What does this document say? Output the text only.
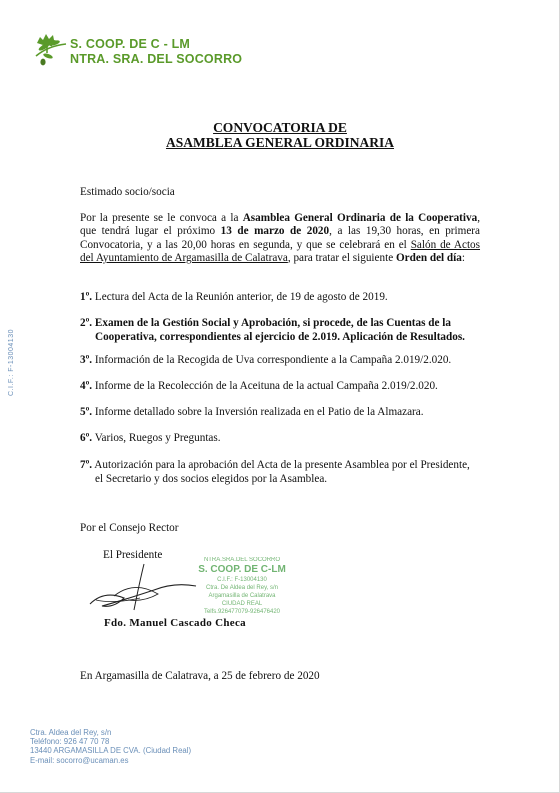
S. COOP. DE C - LM
NTRA. SRA. DEL SOCORRO
C.I.F.: F-13004130
CONVOCATORIA DE
ASAMBLEA GENERAL ORDINARIA
Estimado socio/socia
Por la presente se le convoca a la Asamblea General Ordinaria de la Cooperativa,
que tendrá lugar el próximo 13 de marzo de 2020, a las 19,30 horas, en primera
Convocatoria, y a las 20,00 horas en segunda, y que se celebrará en el Salón de Actos
del Ayuntamiento de Argamasilla de Calatrava, para tratar el siguiente Orden del día:
1º. Lectura del Acta de la Reunión anterior, de 19 de agosto de 2019.
2º. Examen de la Gestión Social y Aprobación, si procede, de las Cuentas de la
Cooperativa, correspondientes al ejercicio de 2.019. Aplicación de Resultados.
3º. Información de la Recogida de Uva correspondiente a la Campaña 2.019/2.020.
4º. Informe de la Recolección de la Aceituna de la actual Campaña 2.019/2.020.
5º. Informe detallado sobre la Inversión realizada en el Patio de la Almazara.
6º. Varios, Ruegos y Preguntas.
7º. Autorización para la aprobación del Acta de la presente Asamblea por el Presidente,
el Secretario y dos socios elegidos por la Asamblea.
Por el Consejo Rector
El Presidente	NTRA.SRA.DEL SOCORRO
S. COOP. DE C-LM
C.I.F.: F-13004130
Ctra. De Aldea del Rey, s/n
Argamasilla de Calatrava
CIUDAD REAL
Telfs.926477079-926476420
Fdo. Manuel Cascado Checa
En Argamasilla de Calatrava, a 25 de febrero de 2020
Ctra. Aldea del Rey, s/n
Teléfono: 926 47 70 78
13440 ARGAMASILLA DE CVA. (Ciudad Real)
E-mail: socorro@ucaman.es
